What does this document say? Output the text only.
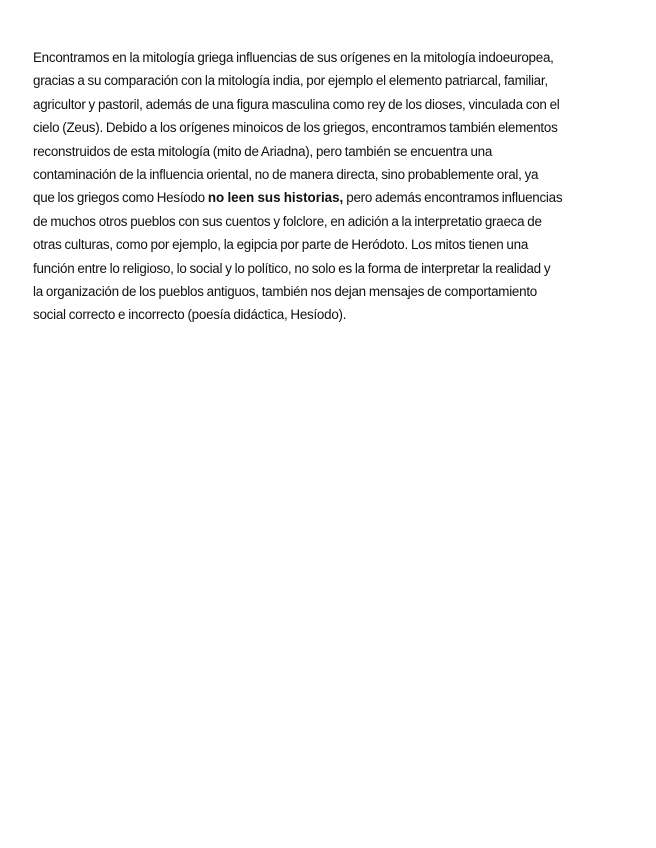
Encontramos en la mitología griega influencias de sus orígenes en la mitología indoeuropea,
gracias a su comparación con la mitología india, por ejemplo el elemento patriarcal, familiar,
agricultor y pastoril, además de una figura masculina como rey de los dioses, vinculada con el
cielo (Zeus). Debido a los orígenes minoicos de los griegos, encontramos también elementos
reconstruidos de esta mitología (mito de Ariadna), pero también se encuentra una
contaminación de la influencia oriental, no de manera directa, sino probablemente oral, ya
que los griegos como Hesíodo no leen sus historias, pero además encontramos influencias
de muchos otros pueblos con sus cuentos y folclore, en adición a la interpretatio graeca de
otras culturas, como por ejemplo, la egipcia por parte de Heródoto. Los mitos tienen una
función entre lo religioso, lo social y lo político, no solo es la forma de interpretar la realidad y
la organización de los pueblos antiguos, también nos dejan mensajes de comportamiento
social correcto e incorrecto (poesía didáctica, Hesíodo).
